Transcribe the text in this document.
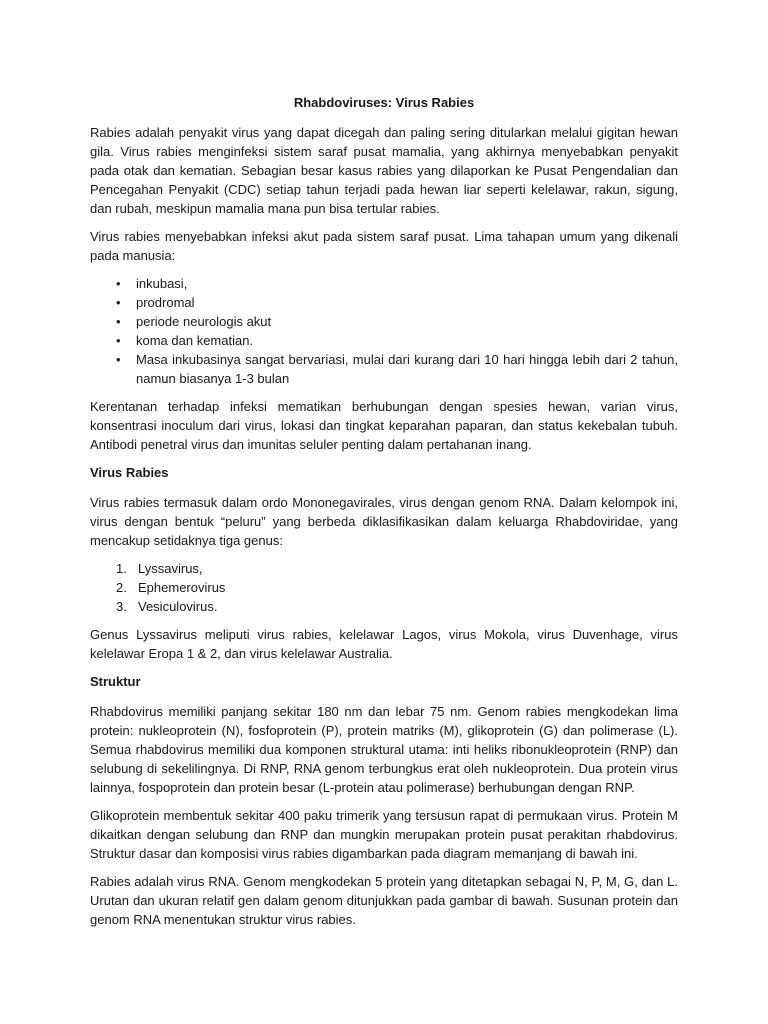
Rhabdoviruses: Virus Rabies

Rabies adalah penyakit virus yang dapat dicegah dan paling sering ditularkan melalui gigitan hewan gila. Virus rabies menginfeksi sistem saraf pusat mamalia, yang akhirnya menyebabkan penyakit pada otak dan kematian. Sebagian besar kasus rabies yang dilaporkan ke Pusat Pengendalian dan Pencegahan Penyakit (CDC) setiap tahun terjadi pada hewan liar seperti kelelawar, rakun, sigung, dan rubah, meskipun mamalia mana pun bisa tertular rabies.

Virus rabies menyebabkan infeksi akut pada sistem saraf pusat. Lima tahapan umum yang dikenali pada manusia:

• inkubasi,
• prodromal
• periode neurologis akut
• koma dan kematian.
• Masa inkubasinya sangat bervariasi, mulai dari kurang dari 10 hari hingga lebih dari 2 tahun, namun biasanya 1-3 bulan

Kerentanan terhadap infeksi mematikan berhubungan dengan spesies hewan, varian virus, konsentrasi inoculum dari virus, lokasi dan tingkat keparahan paparan, dan status kekebalan tubuh. Antibodi penetral virus dan imunitas seluler penting dalam pertahanan inang.

Virus Rabies

Virus rabies termasuk dalam ordo Mononegavirales, virus dengan genom RNA. Dalam kelompok ini, virus dengan bentuk “peluru” yang berbeda diklasifikasikan dalam keluarga Rhabdoviridae, yang mencakup setidaknya tiga genus:

1. Lyssavirus,
2. Ephemerovirus
3. Vesiculovirus.

Genus Lyssavirus meliputi virus rabies, kelelawar Lagos, virus Mokola, virus Duvenhage, virus kelelawar Eropa 1 & 2, dan virus kelelawar Australia.

Struktur

Rhabdovirus memiliki panjang sekitar 180 nm dan lebar 75 nm. Genom rabies mengkodekan lima protein: nukleoprotein (N), fosfoprotein (P), protein matriks (M), glikoprotein (G) dan polimerase (L). Semua rhabdovirus memiliki dua komponen struktural utama: inti heliks ribonukleoprotein (RNP) dan selubung di sekelilingnya. Di RNP, RNA genom terbungkus erat oleh nukleoprotein. Dua protein virus lainnya, fospoprotein dan protein besar (L-protein atau polimerase) berhubungan dengan RNP.

Glikoprotein membentuk sekitar 400 paku trimerik yang tersusun rapat di permukaan virus. Protein M dikaitkan dengan selubung dan RNP dan mungkin merupakan protein pusat perakitan rhabdovirus. Struktur dasar dan komposisi virus rabies digambarkan pada diagram memanjang di bawah ini.

Rabies adalah virus RNA. Genom mengkodekan 5 protein yang ditetapkan sebagai N, P, M, G, dan L. Urutan dan ukuran relatif gen dalam genom ditunjukkan pada gambar di bawah. Susunan protein dan genom RNA menentukan struktur virus rabies.
